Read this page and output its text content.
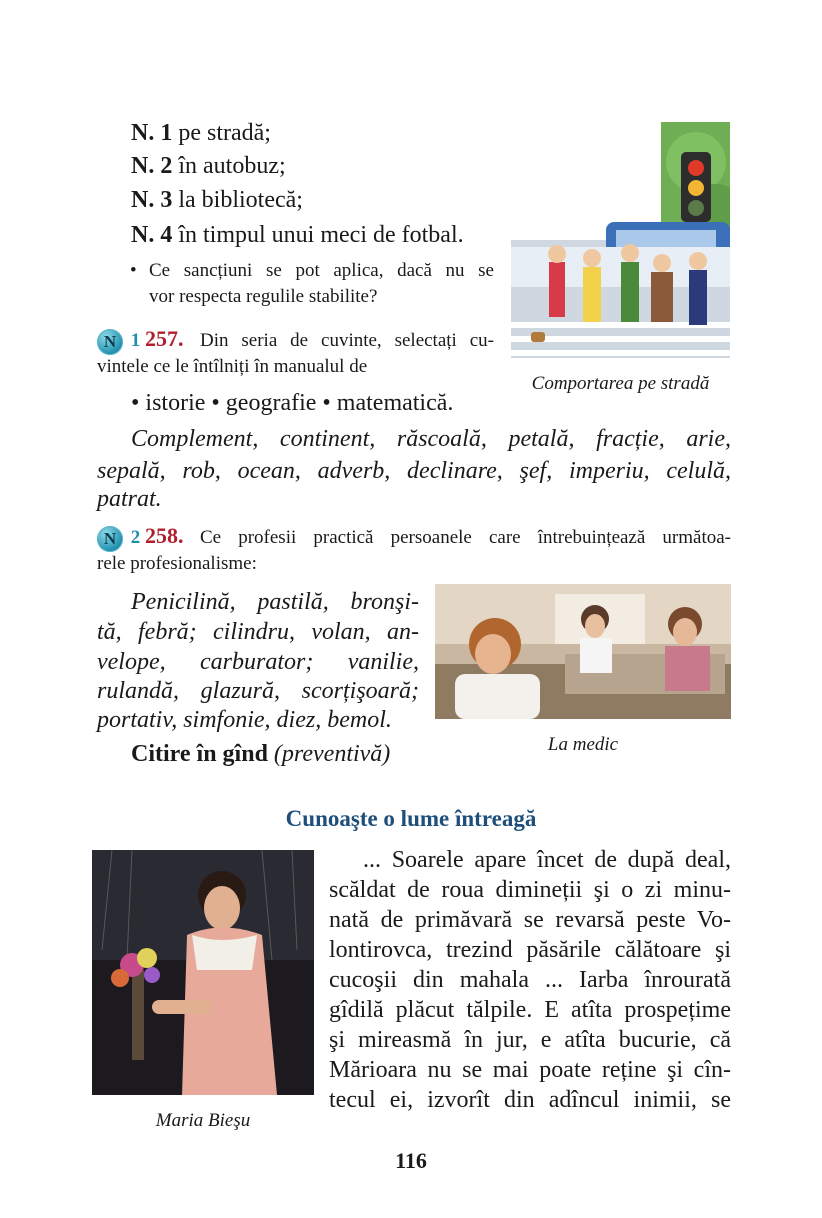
N. 1 pe stradă;
N. 2 în autobuz;
N. 3 la bibliotecă;
N. 4 în timpul unui meci de fotbal.
• Ce sancțiuni se pot aplica, dacă nu se
vor respecta regulile stabilite?
Comportarea pe stradă
N 1 257. Din seria de cuvinte, selectați cu-
vintele ce le întîlniți în manualul de
• istorie • geografie • matematică.
Complement, continent, răscoală, petală, fracție, arie,
sepală, rob, ocean, adverb, declinare, şef, imperiu, celulă,
patrat.
N 2 258. Ce profesii practică persoanele care întrebuințează următoa-
rele profesionalisme:
Penicilină, pastilă, bronşi-
tă, febră; cilindru, volan, an-
velope, carburator; vanilie,
rulandă, glazură, scorțişoară;
portativ, simfonie, diez, bemol.
Citire în gînd (preventivă)	La medic
Cunoaşte o lume întreagă
Maria Bieşu
... Soarele apare încet de după deal,
scăldat de roua dimineții şi o zi minu-
nată de primăvară se revarsă peste Vo-
lontirovca, trezind păsările călătoare şi
cucoşii din mahala ... Iarba înrourată
gîdilă plăcut tălpile. E atîta prospețime
şi mireasmă în jur, e atîta bucurie, că
Mărioara nu se mai poate reține şi cîn-
tecul ei, izvorît din adîncul inimii, se
116
